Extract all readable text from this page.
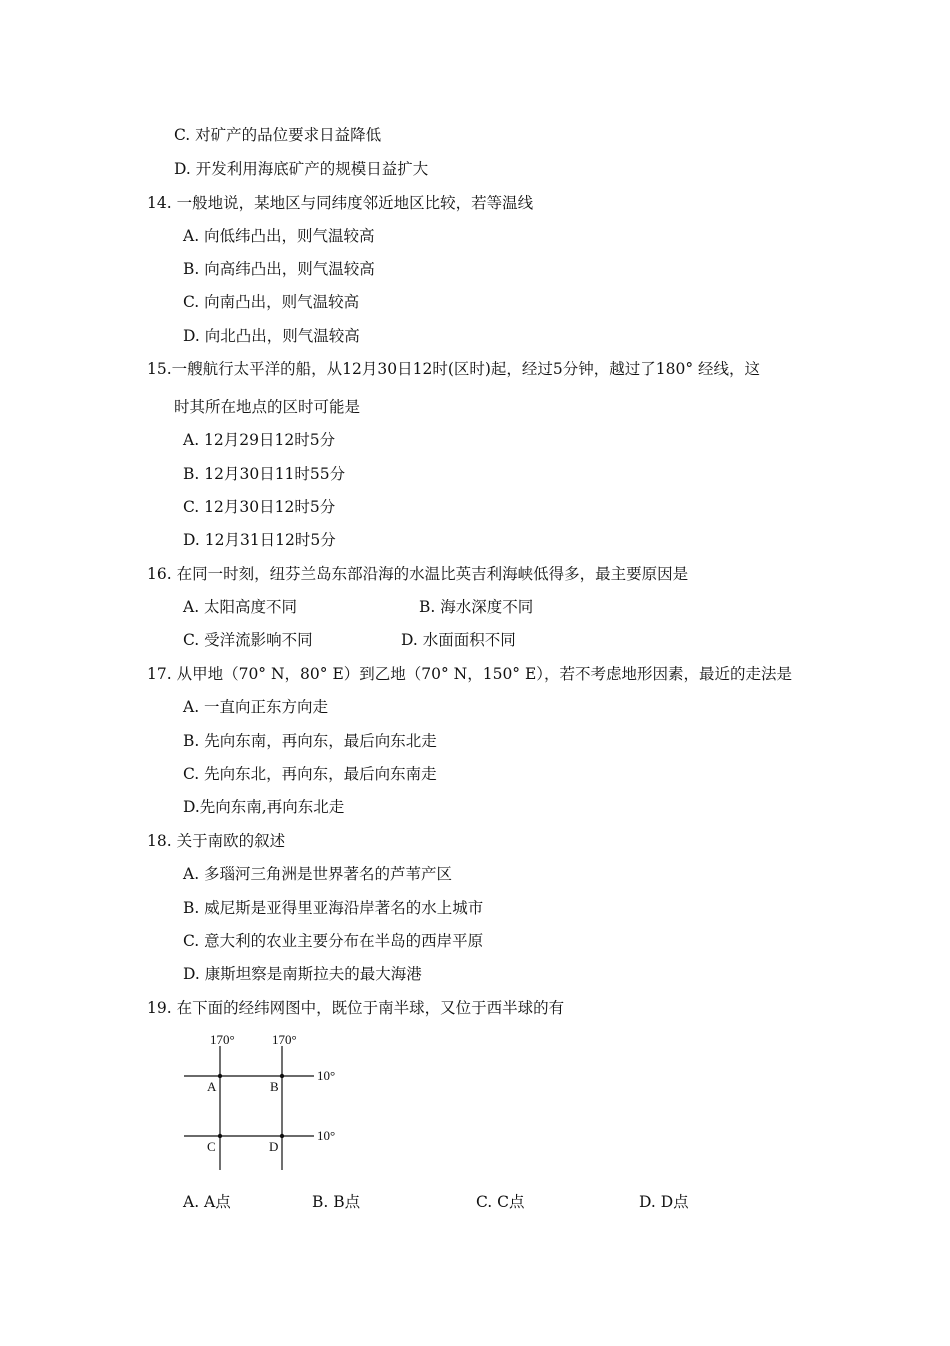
C. 对矿产的品位要求日益降低
D. 开发利用海底矿产的规模日益扩大
14. 一般地说，某地区与同纬度邻近地区比较，若等温线
A. 向低纬凸出，则气温较高
B. 向高纬凸出，则气温较高
C. 向南凸出，则气温较高
D. 向北凸出，则气温较高
15.一艘航行太平洋的船，从12月30日12时(区时)起，经过5分钟，越过了180° 经线，这
时其所在地点的区时可能是
A. 12月29日12时5分
B. 12月30日11时55分
C. 12月30日12时5分
D. 12月31日12时5分
16. 在同一时刻，纽芬兰岛东部沿海的水温比英吉利海峡低得多，最主要原因是
A. 太阳高度不同	B. 海水深度不同
C. 受洋流影响不同	D. 水面面积不同
17. 从甲地（70° N，80° E）到乙地（70° N，150° E），若不考虑地形因素，最近的走法是
A. 一直向正东方向走
B. 先向东南，再向东，最后向东北走
C. 先向东北，再向东，最后向东南走
D.先向东南,再向东北走
18. 关于南欧的叙述
A. 多瑙河三角洲是世界著名的芦苇产区
B. 威尼斯是亚得里亚海沿岸著名的水上城市
C. 意大利的农业主要分布在半岛的西岸平原
D. 康斯坦察是南斯拉夫的最大海港
19. 在下面的经纬网图中，既位于南半球，又位于西半球的有
170°	170°
10°
10°
A	B
C	D
A. A点	B. B点	C. C点	D. D点
